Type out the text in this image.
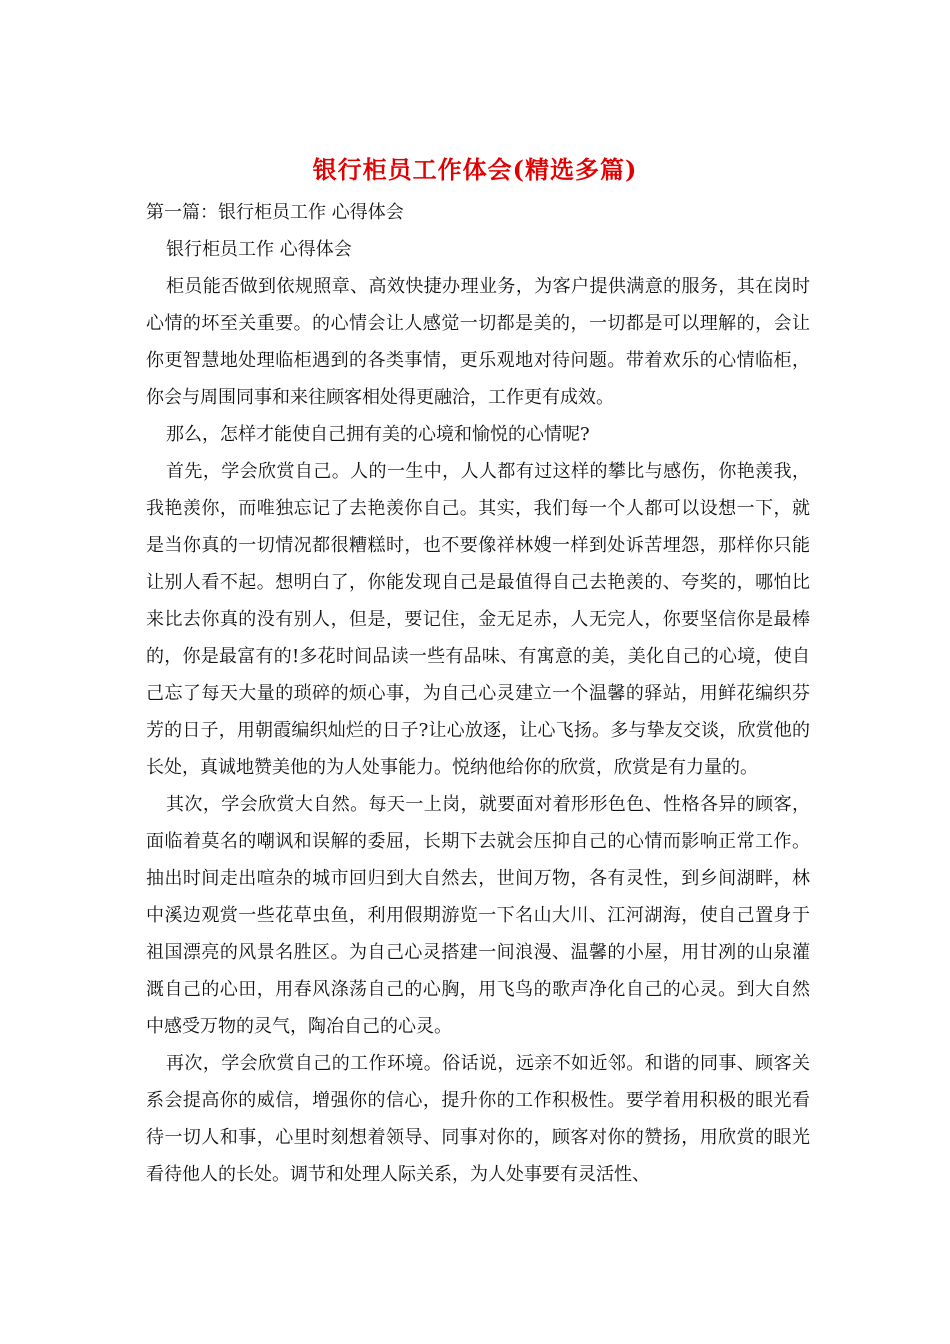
银行柜员工作体会(精选多篇)

第一篇：银行柜员工作 心得体会

银行柜员工作 心得体会

柜员能否做到依规照章、高效快捷办理业务，为客户提供满意的服务，其在岗时心情的坏至关重要。的心情会让人感觉一切都是美的，一切都是可以理解的，会让你更智慧地处理临柜遇到的各类事情，更乐观地对待问题。带着欢乐的心情临柜，你会与周围同事和来往顾客相处得更融洽，工作更有成效。

那么，怎样才能使自己拥有美的心境和愉悦的心情呢?

首先，学会欣赏自己。人的一生中，人人都有过这样的攀比与感伤，你艳羡我，我艳羡你，而唯独忘记了去艳羡你自己。其实，我们每一个人都可以设想一下，就是当你真的一切情况都很糟糕时，也不要像祥林嫂一样到处诉苦埋怨，那样你只能让别人看不起。想明白了，你能发现自己是最值得自己去艳羡的、夸奖的，哪怕比来比去你真的没有别人，但是，要记住，金无足赤，人无完人，你要坚信你是最棒的，你是最富有的!多花时间品读一些有品味、有寓意的美，美化自己的心境，使自己忘了每天大量的琐碎的烦心事，为自己心灵建立一个温馨的驿站，用鲜花编织芬芳的日子，用朝霞编织灿烂的日子?让心放逐，让心飞扬。多与挚友交谈，欣赏他的长处，真诚地赞美他的为人处事能力。悦纳他给你的欣赏，欣赏是有力量的。

其次，学会欣赏大自然。每天一上岗，就要面对着形形色色、性格各异的顾客，面临着莫名的嘲讽和误解的委屈，长期下去就会压抑自己的心情而影响正常工作。抽出时间走出喧杂的城市回归到大自然去，世间万物，各有灵性，到乡间湖畔，林中溪边观赏一些花草虫鱼，利用假期游览一下名山大川、江河湖海，使自己置身于祖国漂亮的风景名胜区。为自己心灵搭建一间浪漫、温馨的小屋，用甘冽的山泉灌溉自己的心田，用春风涤荡自己的心胸，用飞鸟的歌声净化自己的心灵。到大自然中感受万物的灵气，陶冶自己的心灵。

再次，学会欣赏自己的工作环境。俗话说，远亲不如近邻。和谐的同事、顾客关系会提高你的威信，增强你的信心，提升你的工作积极性。要学着用积极的眼光看待一切人和事，心里时刻想着领导、同事对你的，顾客对你的赞扬，用欣赏的眼光看待他人的长处。调节和处理人际关系，为人处事要有灵活性、
